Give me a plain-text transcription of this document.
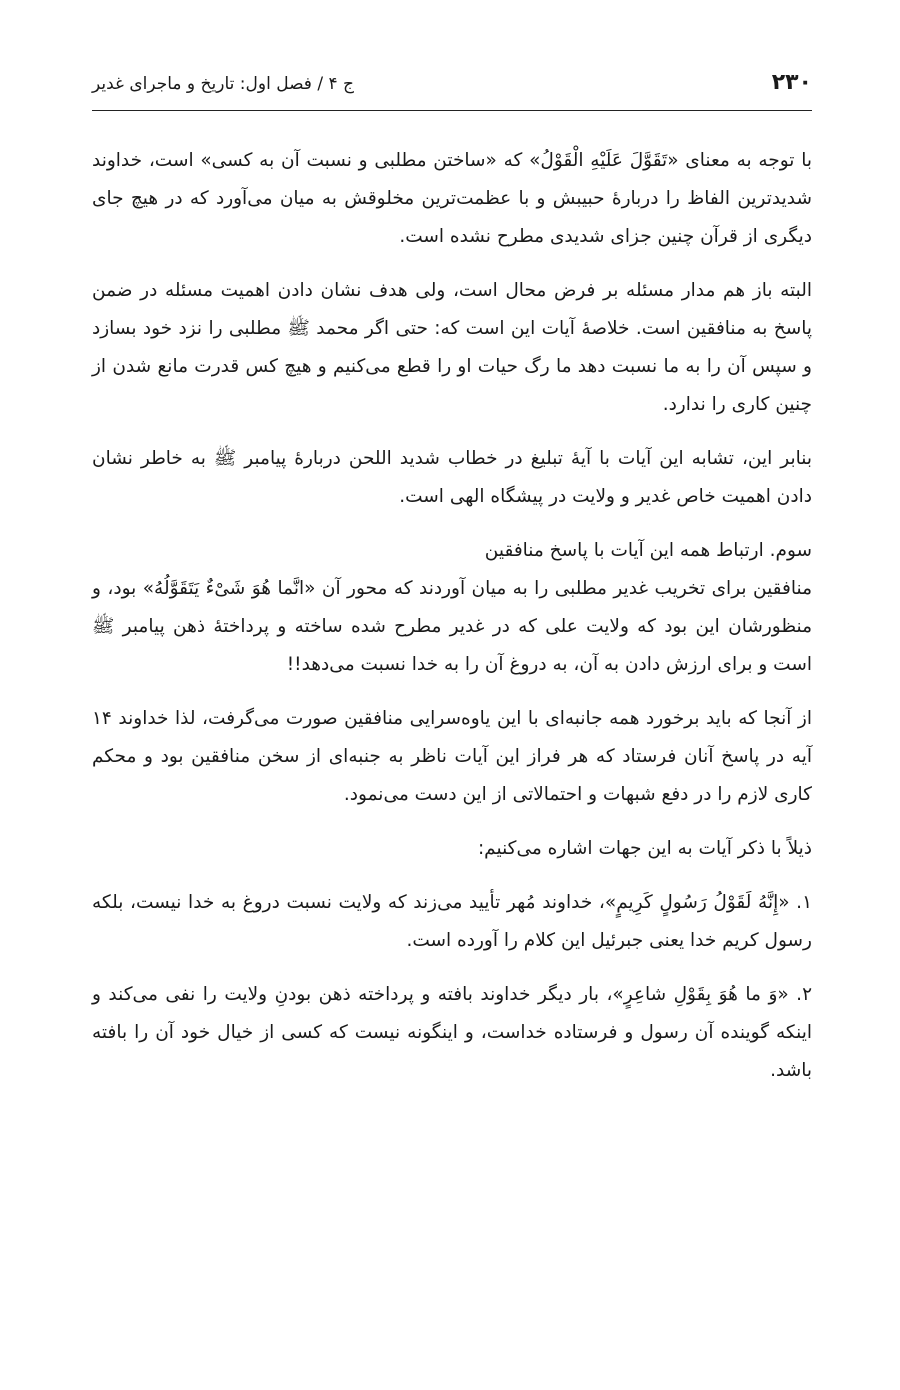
۲۳۰
ج ۴ / فصل اول: تاریخ و ماجرای غدیر

با توجه به معنای «تَقَوَّلَ عَلَيْهِ الْقَوْلُ» که «ساختن مطلبی و نسبت آن به کسی» است، خداوند شدیدترین الفاظ را دربارهٔ حبیبش و با عظمت‌ترین مخلوقش به میان می‌آورد که در هیچ جای دیگری از قرآن چنین جزای شدیدی مطرح نشده است.

البته باز هم مدار مسئله بر فرض محال است، ولی هدف نشان دادن اهمیت مسئله در ضمن پاسخ به منافقین است. خلاصهٔ آیات این است که: حتی اگر محمد ﷺ مطلبی را نزد خود بسازد و سپس آن را به ما نسبت دهد ما رگ حیات او را قطع می‌کنیم و هیچ کس قدرت مانع شدن از چنین کاری را ندارد.

بنابر این، تشابه این آیات با آیهٔ تبلیغ در خطاب شدید اللحن دربارهٔ پیامبر ﷺ به خاطر نشان دادن اهمیت خاص غدیر و ولایت در پیشگاه الهی است.

سوم. ارتباط همه این آیات با پاسخ منافقین

منافقین برای تخریب غدیر مطلبی را به میان آوردند که محور آن «انَّما هُوَ شَىْءٌ يَتَقَوَّلُهُ» بود، و منظورشان این بود که ولایت علی که در غدیر مطرح شده ساخته و پرداختهٔ ذهن پیامبر ﷺ است و برای ارزش دادن به آن، به دروغ آن را به خدا نسبت می‌دهد!!

از آنجا که باید برخورد همه جانبه‌ای با این یاوه‌سرایی منافقین صورت می‌گرفت، لذا خداوند ۱۴ آیه در پاسخ آنان فرستاد که هر فراز این آیات ناظر به جنبه‌ای از سخن منافقین بود و محکم کاری لازم را در دفع شبهات و احتمالاتی از این دست می‌نمود.

ذیلاً با ذکر آیات به این جهات اشاره می‌کنیم:

۱. «إِنَّهُ لَقَوْلُ رَسُولٍ كَرِيمٍ»، خداوند مُهر تأیید می‌زند که ولایت نسبت دروغ به خدا نیست، بلکه رسول کریم خدا یعنی جبرئیل این کلام را آورده است.

۲. «وَ ما هُوَ بِقَوْلِ شاعِرٍ»، بار دیگر خداوند بافته و پرداخته ذهن بودنِ ولایت را نفی می‌کند و اینکه گوینده آن رسول و فرستاده خداست، و اینگونه نیست که کسی از خیال خود آن را بافته باشد.
